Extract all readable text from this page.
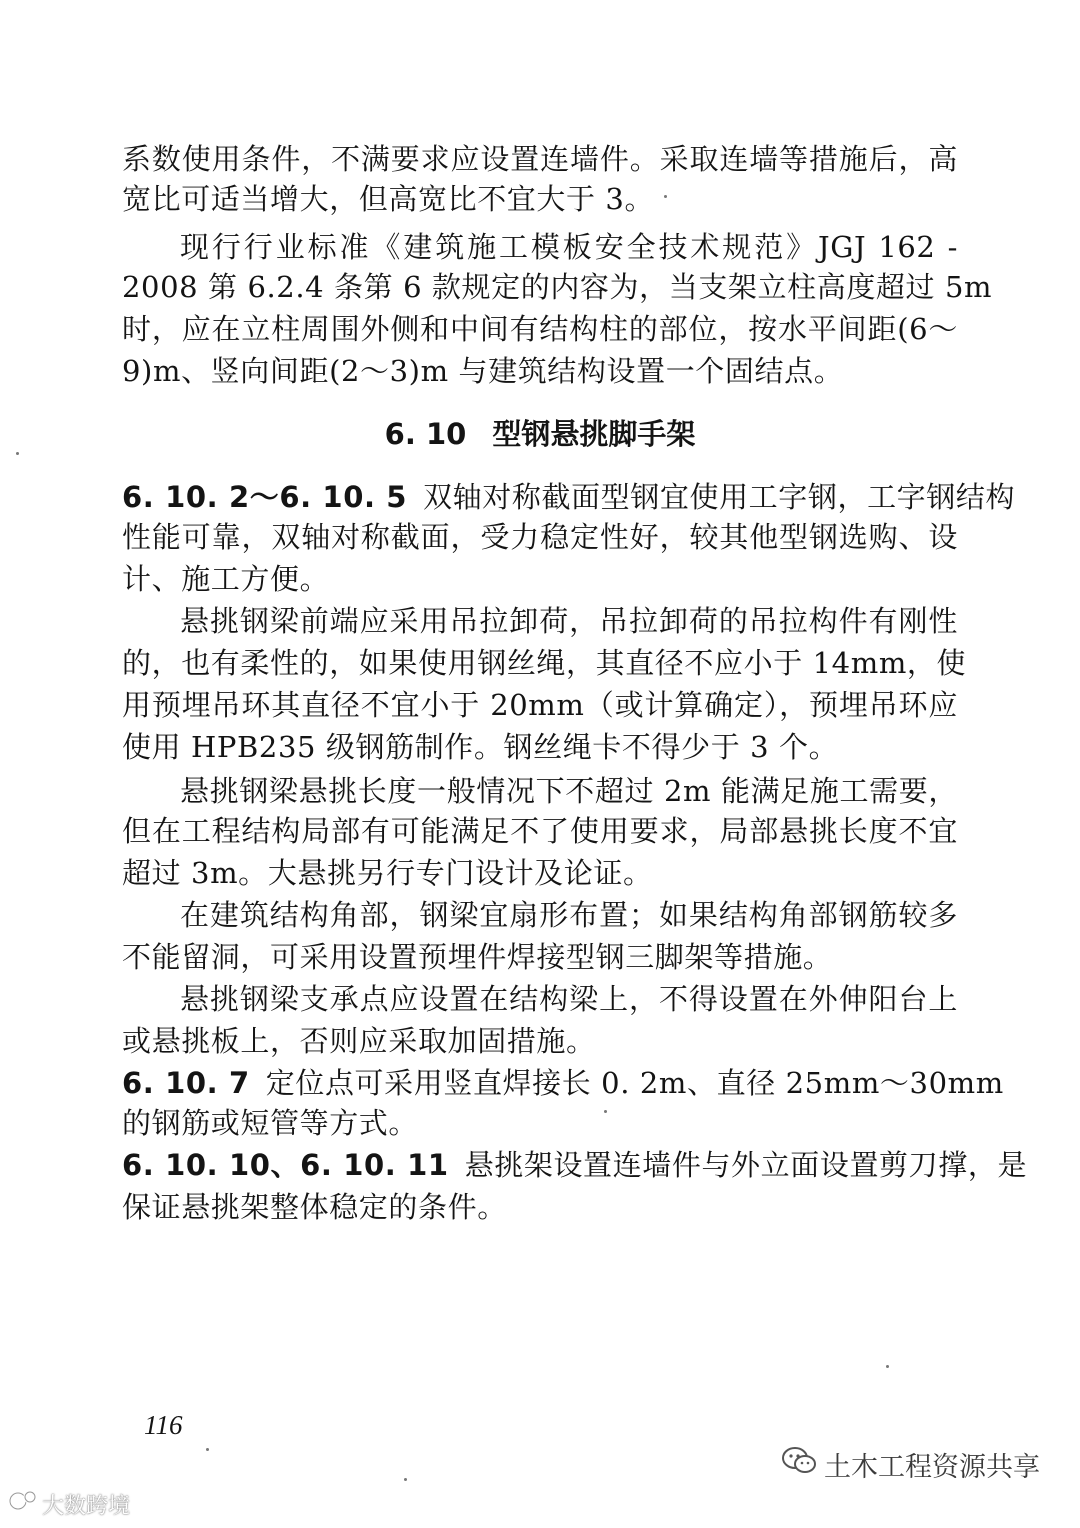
系数使用条件，不满要求应设置连墙件。采取连墙等措施后，高
宽比可适当增大，但高宽比不宜大于 3。
现行行业标准《建筑施工模板安全技术规范》JGJ 162 -
2008 第 6.2.4 条第 6 款规定的内容为，当支架立柱高度超过 5m
时，应在立柱周围外侧和中间有结构柱的部位，按水平间距(6～
9)m、竖向间距(2～3)m 与建筑结构设置一个固结点。
6. 10 型钢悬挑脚手架
6. 10. 2～6. 10. 5 双轴对称截面型钢宜使用工字钢，工字钢结构
性能可靠，双轴对称截面，受力稳定性好，较其他型钢选购、设
计、施工方便。
悬挑钢梁前端应采用吊拉卸荷，吊拉卸荷的吊拉构件有刚性
的，也有柔性的，如果使用钢丝绳，其直径不应小于 14mm，使
用预埋吊环其直径不宜小于 20mm（或计算确定），预埋吊环应
使用 HPB235 级钢筋制作。钢丝绳卡不得少于 3 个。
悬挑钢梁悬挑长度一般情况下不超过 2m 能满足施工需要，
但在工程结构局部有可能满足不了使用要求，局部悬挑长度不宜
超过 3m。大悬挑另行专门设计及论证。
在建筑结构角部，钢梁宜扇形布置；如果结构角部钢筋较多
不能留洞，可采用设置预埋件焊接型钢三脚架等措施。
悬挑钢梁支承点应设置在结构梁上，不得设置在外伸阳台上
或悬挑板上，否则应采取加固措施。
6. 10. 7 定位点可采用竖直焊接长 0. 2m、直径 25mm～30mm
的钢筋或短管等方式。
6. 10. 10、6. 10. 11 悬挑架设置连墙件与外立面设置剪刀撑，是
保证悬挑架整体稳定的条件。
116
土木工程资源共享
大数跨境
